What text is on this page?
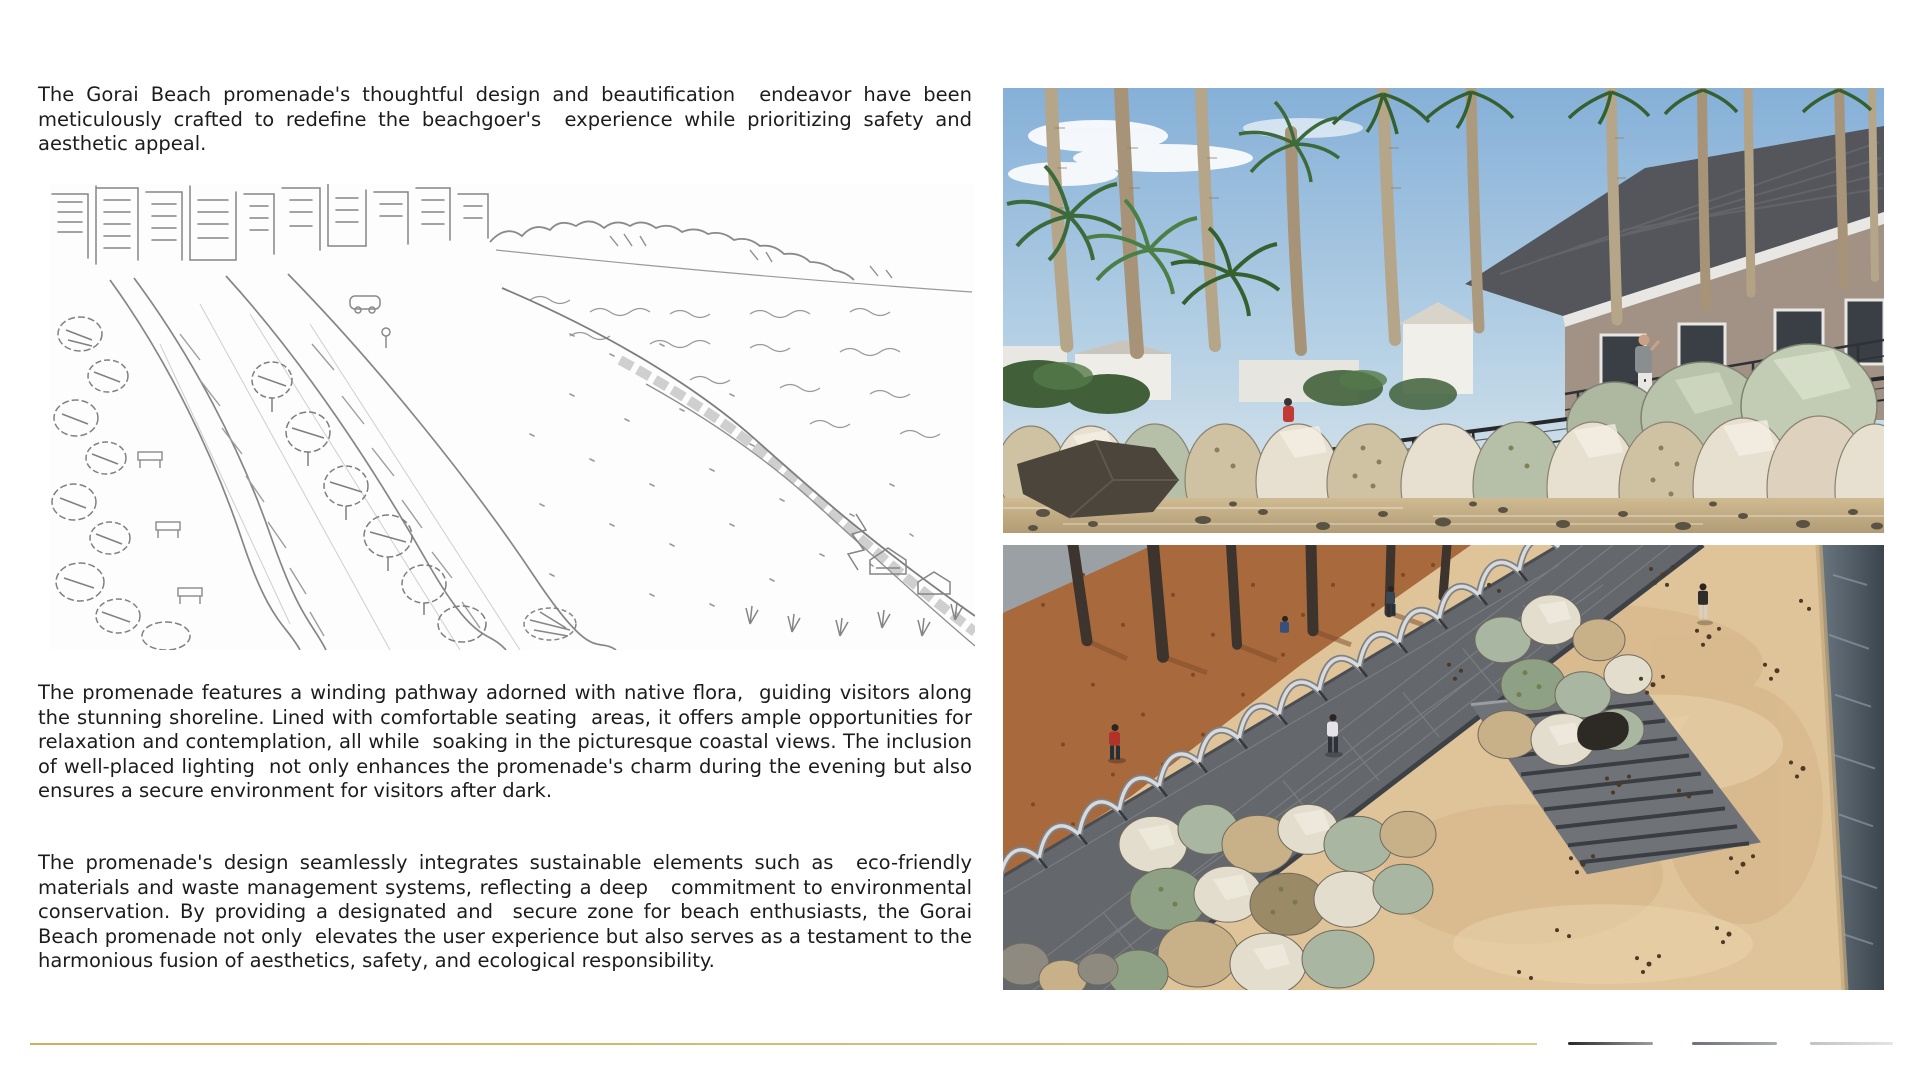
The Gorai Beach promenade's thoughtful design and beautification  endeavor have been meticulously crafted to redefine the beachgoer's  experience while prioritizing safety and aesthetic appeal.

The promenade features a winding pathway adorned with native flora,  guiding visitors along the stunning shoreline. Lined with comfortable seating  areas, it offers ample opportunities for relaxation and contemplation, all while  soaking in the picturesque coastal views. The inclusion of well-placed lighting  not only enhances the promenade's charm during the evening but also  ensures a secure environment for visitors after dark.

The promenade's design seamlessly integrates sustainable elements such as  eco-friendly materials and waste management systems, reflecting a deep   commitment to environmental conservation. By providing a designated and  secure zone for beach enthusiasts, the Gorai Beach promenade not only  elevates the user experience but also serves as a testament to the  harmonious fusion of aesthetics, safety, and ecological responsibility.
